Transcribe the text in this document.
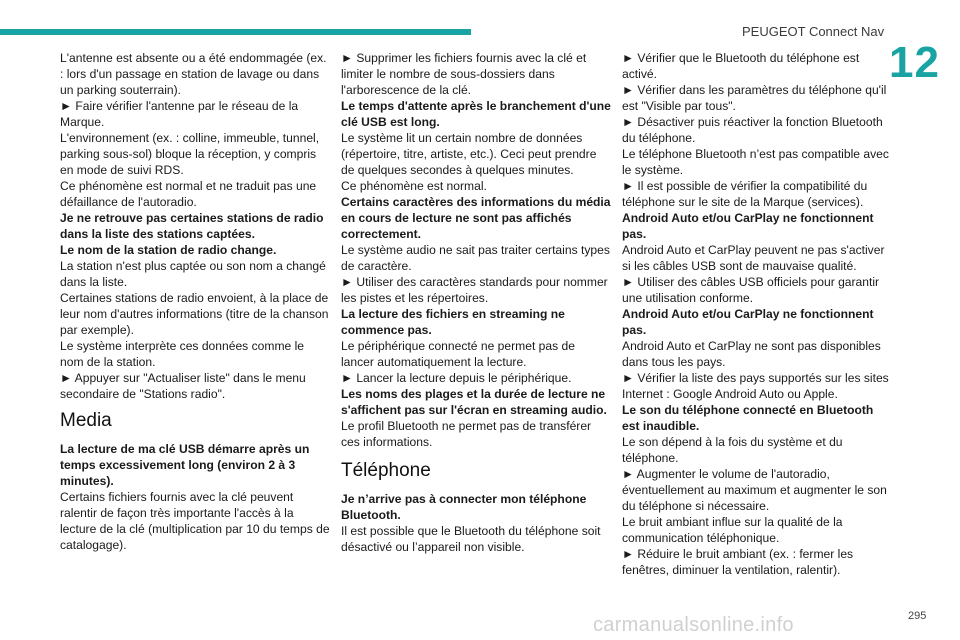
PEUGEOT Connect Nav
12

L'antenne est absente ou a été endommagée (ex. : lors d'un passage en station de lavage ou dans un parking souterrain).

► Faire vérifier l'antenne par le réseau de la Marque.

L'environnement (ex. : colline, immeuble, tunnel, parking sous-sol) bloque la réception, y compris en mode de suivi RDS.

Ce phénomène est normal et ne traduit pas une défaillance de l'autoradio.

Je ne retrouve pas certaines stations de radio dans la liste des stations captées.

Le nom de la station de radio change.

La station n'est plus captée ou son nom a changé dans la liste.

Certaines stations de radio envoient, à la place de leur nom d'autres informations (titre de la chanson par exemple).

Le système interprète ces données comme le nom de la station.

► Appuyer sur "Actualiser liste" dans le menu secondaire de "Stations radio".

Media

La lecture de ma clé USB démarre après un temps excessivement long (environ 2 à 3 minutes).

Certains fichiers fournis avec la clé peuvent ralentir de façon très importante l'accès à la lecture de la clé (multiplication par 10 du temps de catalogage).

► Supprimer les fichiers fournis avec la clé et limiter le nombre de sous-dossiers dans l'arborescence de la clé.

Le temps d'attente après le branchement d'une clé USB est long.

Le système lit un certain nombre de données (répertoire, titre, artiste, etc.). Ceci peut prendre de quelques secondes à quelques minutes.

Ce phénomène est normal.

Certains caractères des informations du média en cours de lecture ne sont pas affichés correctement.

Le système audio ne sait pas traiter certains types de caractère.

► Utiliser des caractères standards pour nommer les pistes et les répertoires.

La lecture des fichiers en streaming ne commence pas.

Le périphérique connecté ne permet pas de lancer automatiquement la lecture.

► Lancer la lecture depuis le périphérique.

Les noms des plages et la durée de lecture ne s'affichent pas sur l'écran en streaming audio.

Le profil Bluetooth ne permet pas de transférer ces informations.

Téléphone

Je n’arrive pas à connecter mon téléphone Bluetooth.

Il est possible que le Bluetooth du téléphone soit désactivé ou l’appareil non visible.

► Vérifier que le Bluetooth du téléphone est activé.

► Vérifier dans les paramètres du téléphone qu'il est "Visible par tous".

► Désactiver puis réactiver la fonction Bluetooth du téléphone.

Le téléphone Bluetooth n’est pas compatible avec le système.

► Il est possible de vérifier la compatibilité du téléphone sur le site de la Marque (services).

Android Auto et/ou CarPlay ne fonctionnent pas.

Android Auto et CarPlay peuvent ne pas s'activer si les câbles USB sont de mauvaise qualité.

► Utiliser des câbles USB officiels pour garantir une utilisation conforme.

Android Auto et/ou CarPlay ne fonctionnent pas.

Android Auto et CarPlay ne sont pas disponibles dans tous les pays.

► Vérifier la liste des pays supportés sur les sites Internet : Google Android Auto ou Apple.

Le son du téléphone connecté en Bluetooth est inaudible.

Le son dépend à la fois du système et du téléphone.

► Augmenter le volume de l'autoradio, éventuellement au maximum et augmenter le son du téléphone si nécessaire.

Le bruit ambiant influe sur la qualité de la communication téléphonique.

► Réduire le bruit ambiant (ex. : fermer les fenêtres, diminuer la ventilation, ralentir).

carmanualsonline.info	295
